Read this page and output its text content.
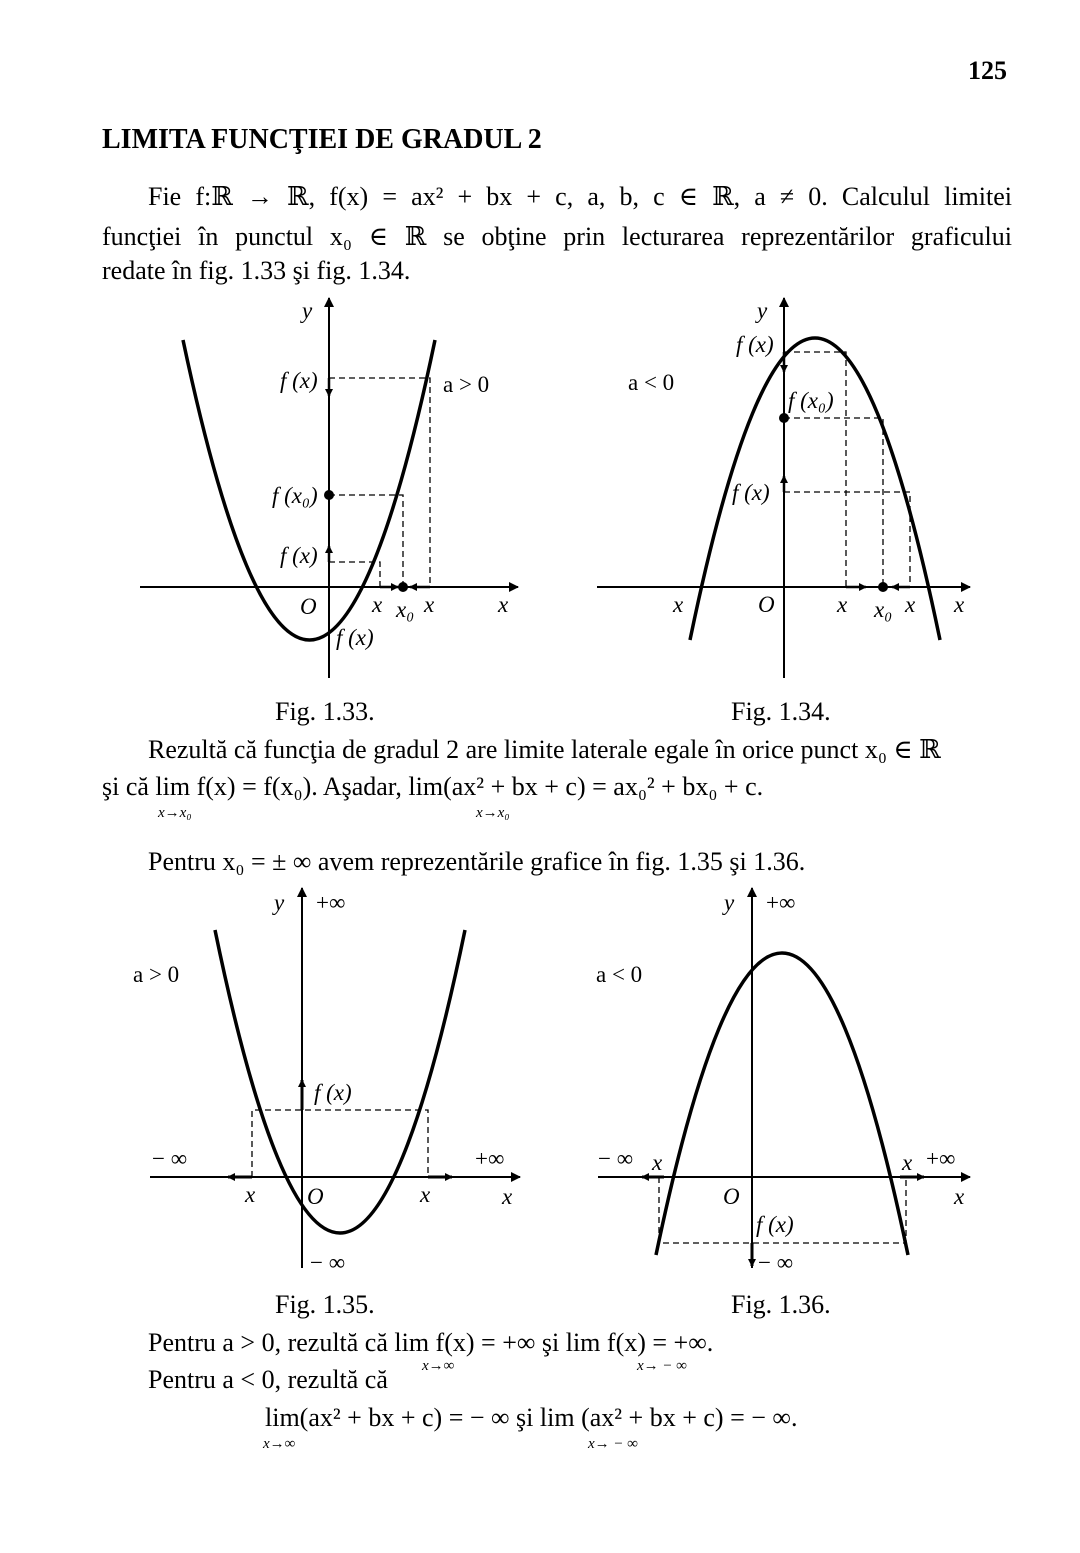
125
LIMITA FUNCŢIEI DE GRADUL 2
Fie f:ℝ → ℝ, f(x) = ax² + bx + c, a, b, c ∈ ℝ, a ≠ 0. Calculul limitei
funcţiei în punctul x₀ ∈ ℝ se obţine prin lecturarea reprezentărilor graficului
redate în fig. 1.33 şi fig. 1.34.
Fig. 1.33.	Fig. 1.34.
Rezultă că funcţia de gradul 2 are limite laterale egale în orice punct x₀ ∈ ℝ
şi că lim f(x) = f(x₀). Aşadar, lim(ax² + bx + c) = ax₀² + bx₀ + c.
x→x₀	x→x₀
Pentru x₀ = ± ∞ avem reprezentările grafice în fig. 1.35 şi 1.36.
Fig. 1.35.	Fig. 1.36.
Pentru a > 0, rezultă că lim f(x) = +∞ şi lim f(x) = +∞.
x→∞	x→ − ∞
Pentru a < 0, rezultă că
lim(ax² + bx + c) = − ∞ şi lim (ax² + bx + c) = − ∞.
x→∞	x→ − ∞
y
f (x)	a > 0
f (x₀)
f (x)
O x x₀ x	x
f (x)
y
f (x)
a < 0
f (x₀)
f (x)
x	O	x x₀ x x
y +∞
a > 0
f (x)
− ∞	+∞
x O	x	x
− ∞
y +∞
a < 0
− ∞ x	x +∞
O	x
f (x)
− ∞
